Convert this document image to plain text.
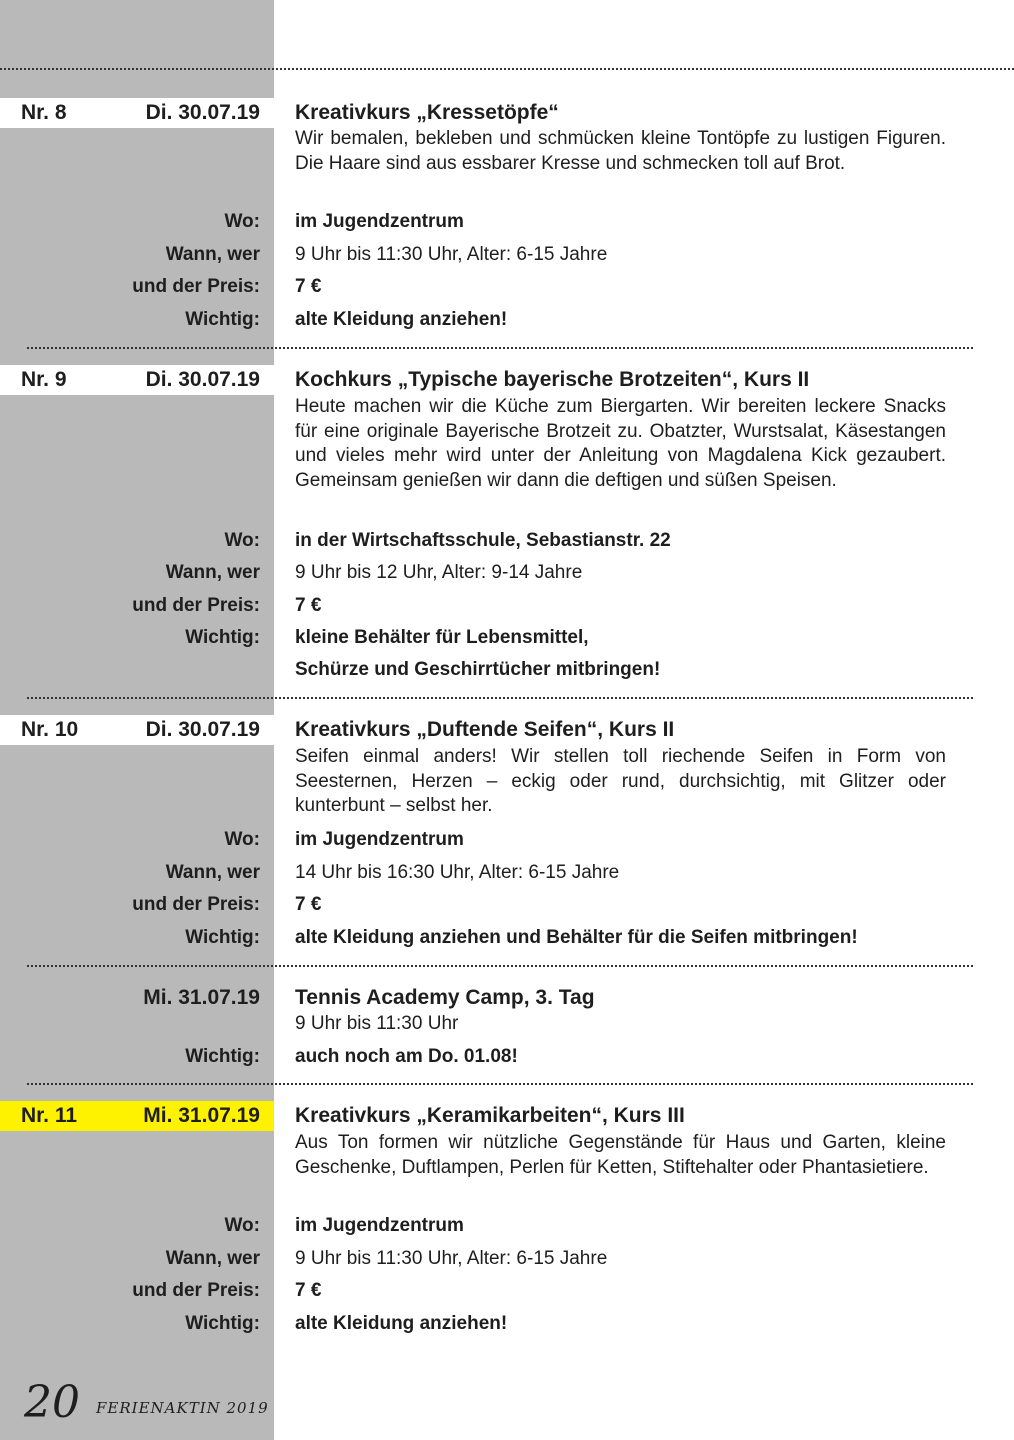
Nr. 8	Di. 30.07.19 Kreativkurs „Kressetöpfe“
Wir bemalen, bekleben und schmücken kleine Tontöpfe zu lustigen Figuren. Die Haare sind aus essbarer Kresse und schmecken toll auf Brot.
Wo: im Jugendzentrum
Wann, wer 9 Uhr bis 11:30 Uhr, Alter: 6-15 Jahre
und der Preis: 7 €
Wichtig: alte Kleidung anziehen!
Nr. 9	Di. 30.07.19 Kochkurs „Typische bayerische Brotzeiten“, Kurs II
Heute machen wir die Küche zum Biergarten. Wir bereiten leckere Snacks für eine originale Bayerische Brotzeit zu. Obatzter, Wurstsalat, Käsestangen und vieles mehr wird unter der Anleitung von Magdalena Kick gezaubert. Gemeinsam genießen wir dann die deftigen und süßen Speisen.
Wo: in der Wirtschaftsschule, Sebastianstr. 22
Wann, wer 9 Uhr bis 12 Uhr, Alter: 9-14 Jahre
und der Preis: 7 €
Wichtig: kleine Behälter für Lebensmittel,
Schürze und Geschirrtücher mitbringen!
Nr. 10	Di. 30.07.19 Kreativkurs „Duftende Seifen“, Kurs II
Seifen einmal anders! Wir stellen toll riechende Seifen in Form von Seesternen, Herzen – eckig oder rund, durchsichtig, mit Glitzer oder kunterbunt – selbst her.
Wo: im Jugendzentrum
Wann, wer 14 Uhr bis 16:30 Uhr, Alter: 6-15 Jahre
und der Preis: 7 €
Wichtig: alte Kleidung anziehen und Behälter für die Seifen mitbringen!
Mi. 31.07.19 Tennis Academy Camp, 3. Tag
9 Uhr bis 11:30 Uhr
Wichtig: auch noch am Do. 01.08!
Nr. 11	Mi. 31.07.19 Kreativkurs „Keramikarbeiten“, Kurs III
Aus Ton formen wir nützliche Gegenstände für Haus und Garten, kleine Geschenke, Duftlampen, Perlen für Ketten, Stiftehalter oder Phantasietiere.
Wo: im Jugendzentrum
Wann, wer 9 Uhr bis 11:30 Uhr, Alter: 6-15 Jahre
und der Preis: 7 €
Wichtig: alte Kleidung anziehen!
20 FERIENAKTIN 2019
